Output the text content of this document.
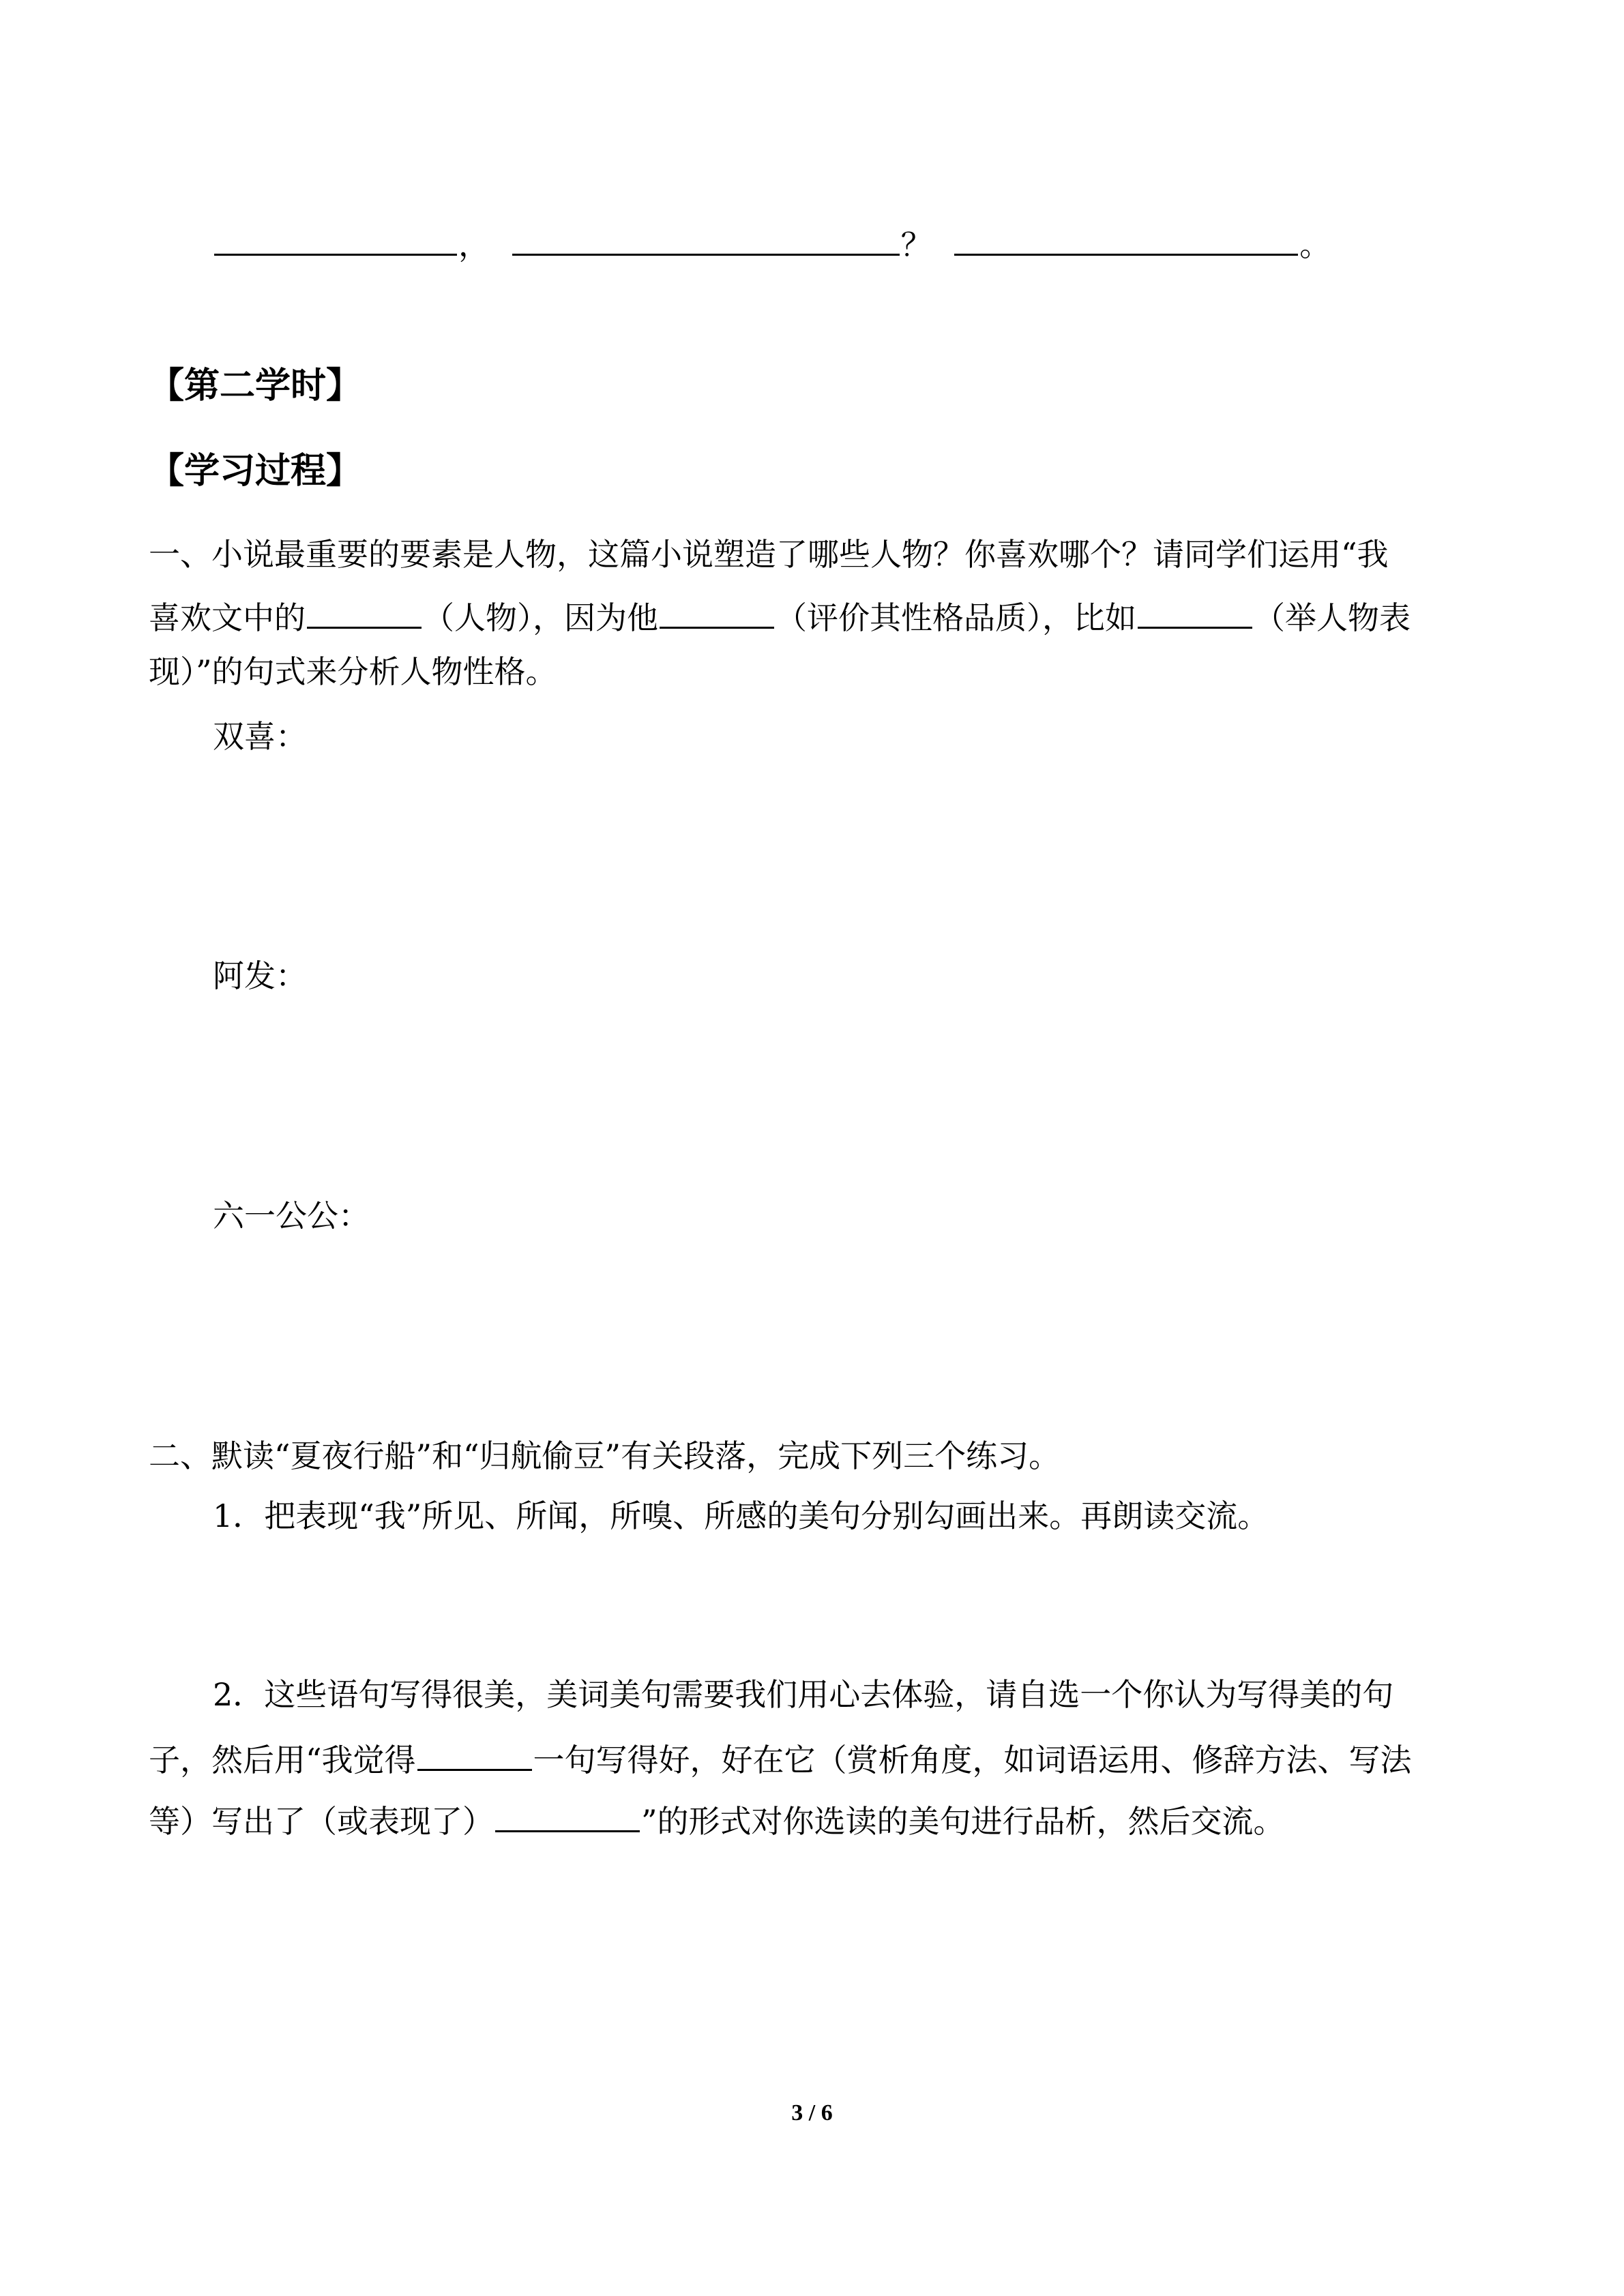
，	？	。
【第二学时】
【学习过程】
一、小说最重要的要素是人物，这篇小说塑造了哪些人物？你喜欢哪个？请同学们运用“我
喜欢文中的	（人物），因为他	（评价其性格品质），比如	（举人物表
现）”的句式来分析人物性格。
双喜：
阿发：
六一公公：
二、默读“夏夜行船”和“归航偷豆”有关段落，完成下列三个练习。
1．把表现“我”所见、所闻，所嗅、所感的美句分别勾画出来。再朗读交流。
2．这些语句写得很美，美词美句需要我们用心去体验，请自选一个你认为写得美的句
子，然后用“我觉得	一句写得好，好在它（赏析角度，如词语运用、修辞方法、写法
等）写出了（或表现了）	”的形式对你选读的美句进行品析，然后交流。
3 / 6
